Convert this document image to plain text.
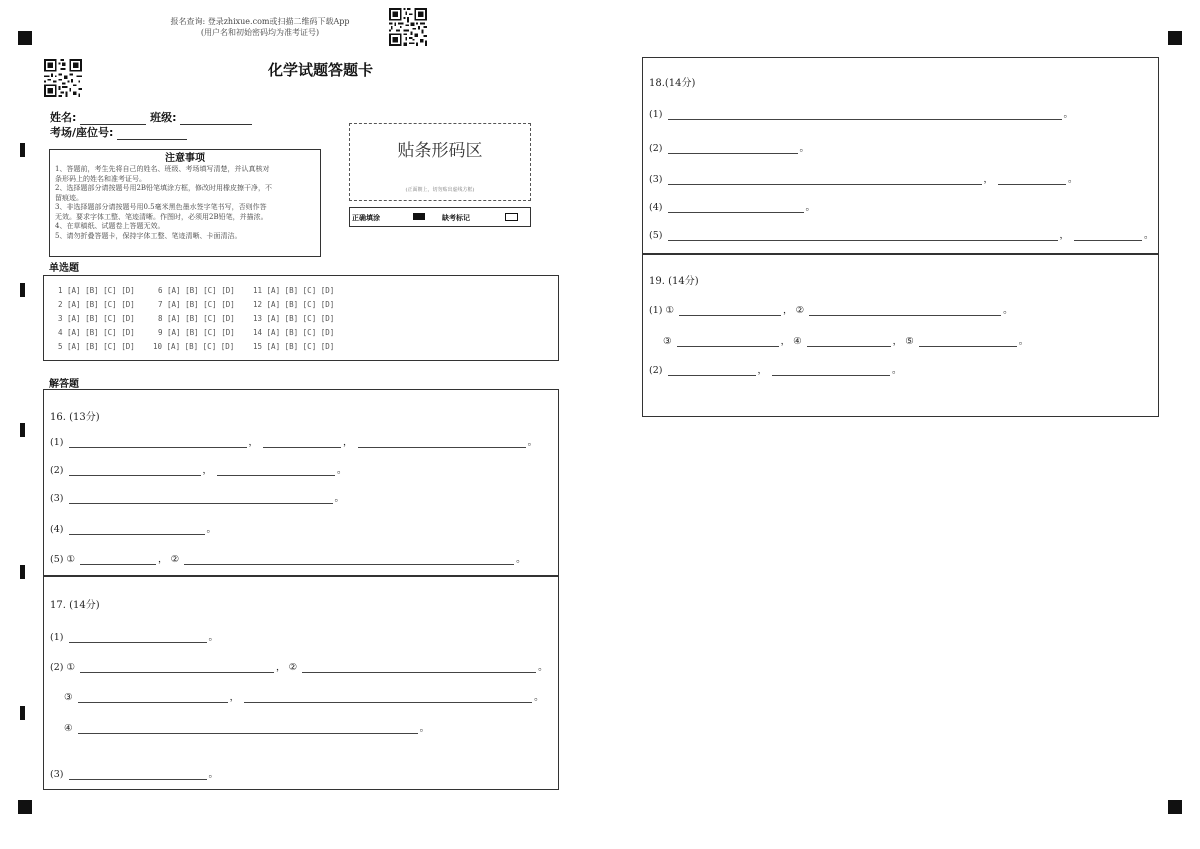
报名查询: 登录zhixue.com或扫描二维码下载App
(用户名和初始密码均为准考证号)
化学试题答题卡
姓名:	班级:
考场/座位号:
注意事项
1、答题前，考生先将自己的姓名、班级、考场填写清楚，并认真核对
条形码上的姓名和准考证号。
2、选择题部分请按题号用2B铅笔填涂方框，修改时用橡皮擦干净，不
留痕迹。
3、非选择题部分请按题号用0.5毫米黑色墨水签字笔书写，否则作答
无效。要求字体工整、笔迹清晰。作图时，必须用2B铅笔，并描浓。
4、在草稿纸、试题卷上答题无效。
5、请勿折叠答题卡，保持字体工整、笔迹清晰、卡面清洁。
贴条形码区
(正面朝上，切勿贴出虚线方框)
正确填涂	缺考标记
单选题
1 [A] [B] [C] [D]
2 [A] [B] [C] [D]
3 [A] [B] [C] [D]
4 [A] [B] [C] [D]
5 [A] [B] [C] [D]
6 [A] [B] [C] [D]
7 [A] [B] [C] [D]
8 [A] [B] [C] [D]
9 [A] [B] [C] [D]
10 [A] [B] [C] [D]
11 [A] [B] [C] [D]
12 [A] [B] [C] [D]
13 [A] [B] [C] [D]
14 [A] [B] [C] [D]
15 [A] [B] [C] [D]
解答题
16. (13分)
(1)	，	，	。
(2)	，	。
(3)	。
(4)	。
(5) ①	， ②	。
17. (14分)
(1)	。
(2) ①	， ②	。
③	，	。
④	。
(3)	。
18.(14分)
(1)	。
(2)	。
(3)	，	。
(4)	。
(5)	，	。
19. (14分)
(1) ①	， ②	。
③	， ④	， ⑤	。
(2)	，	。
